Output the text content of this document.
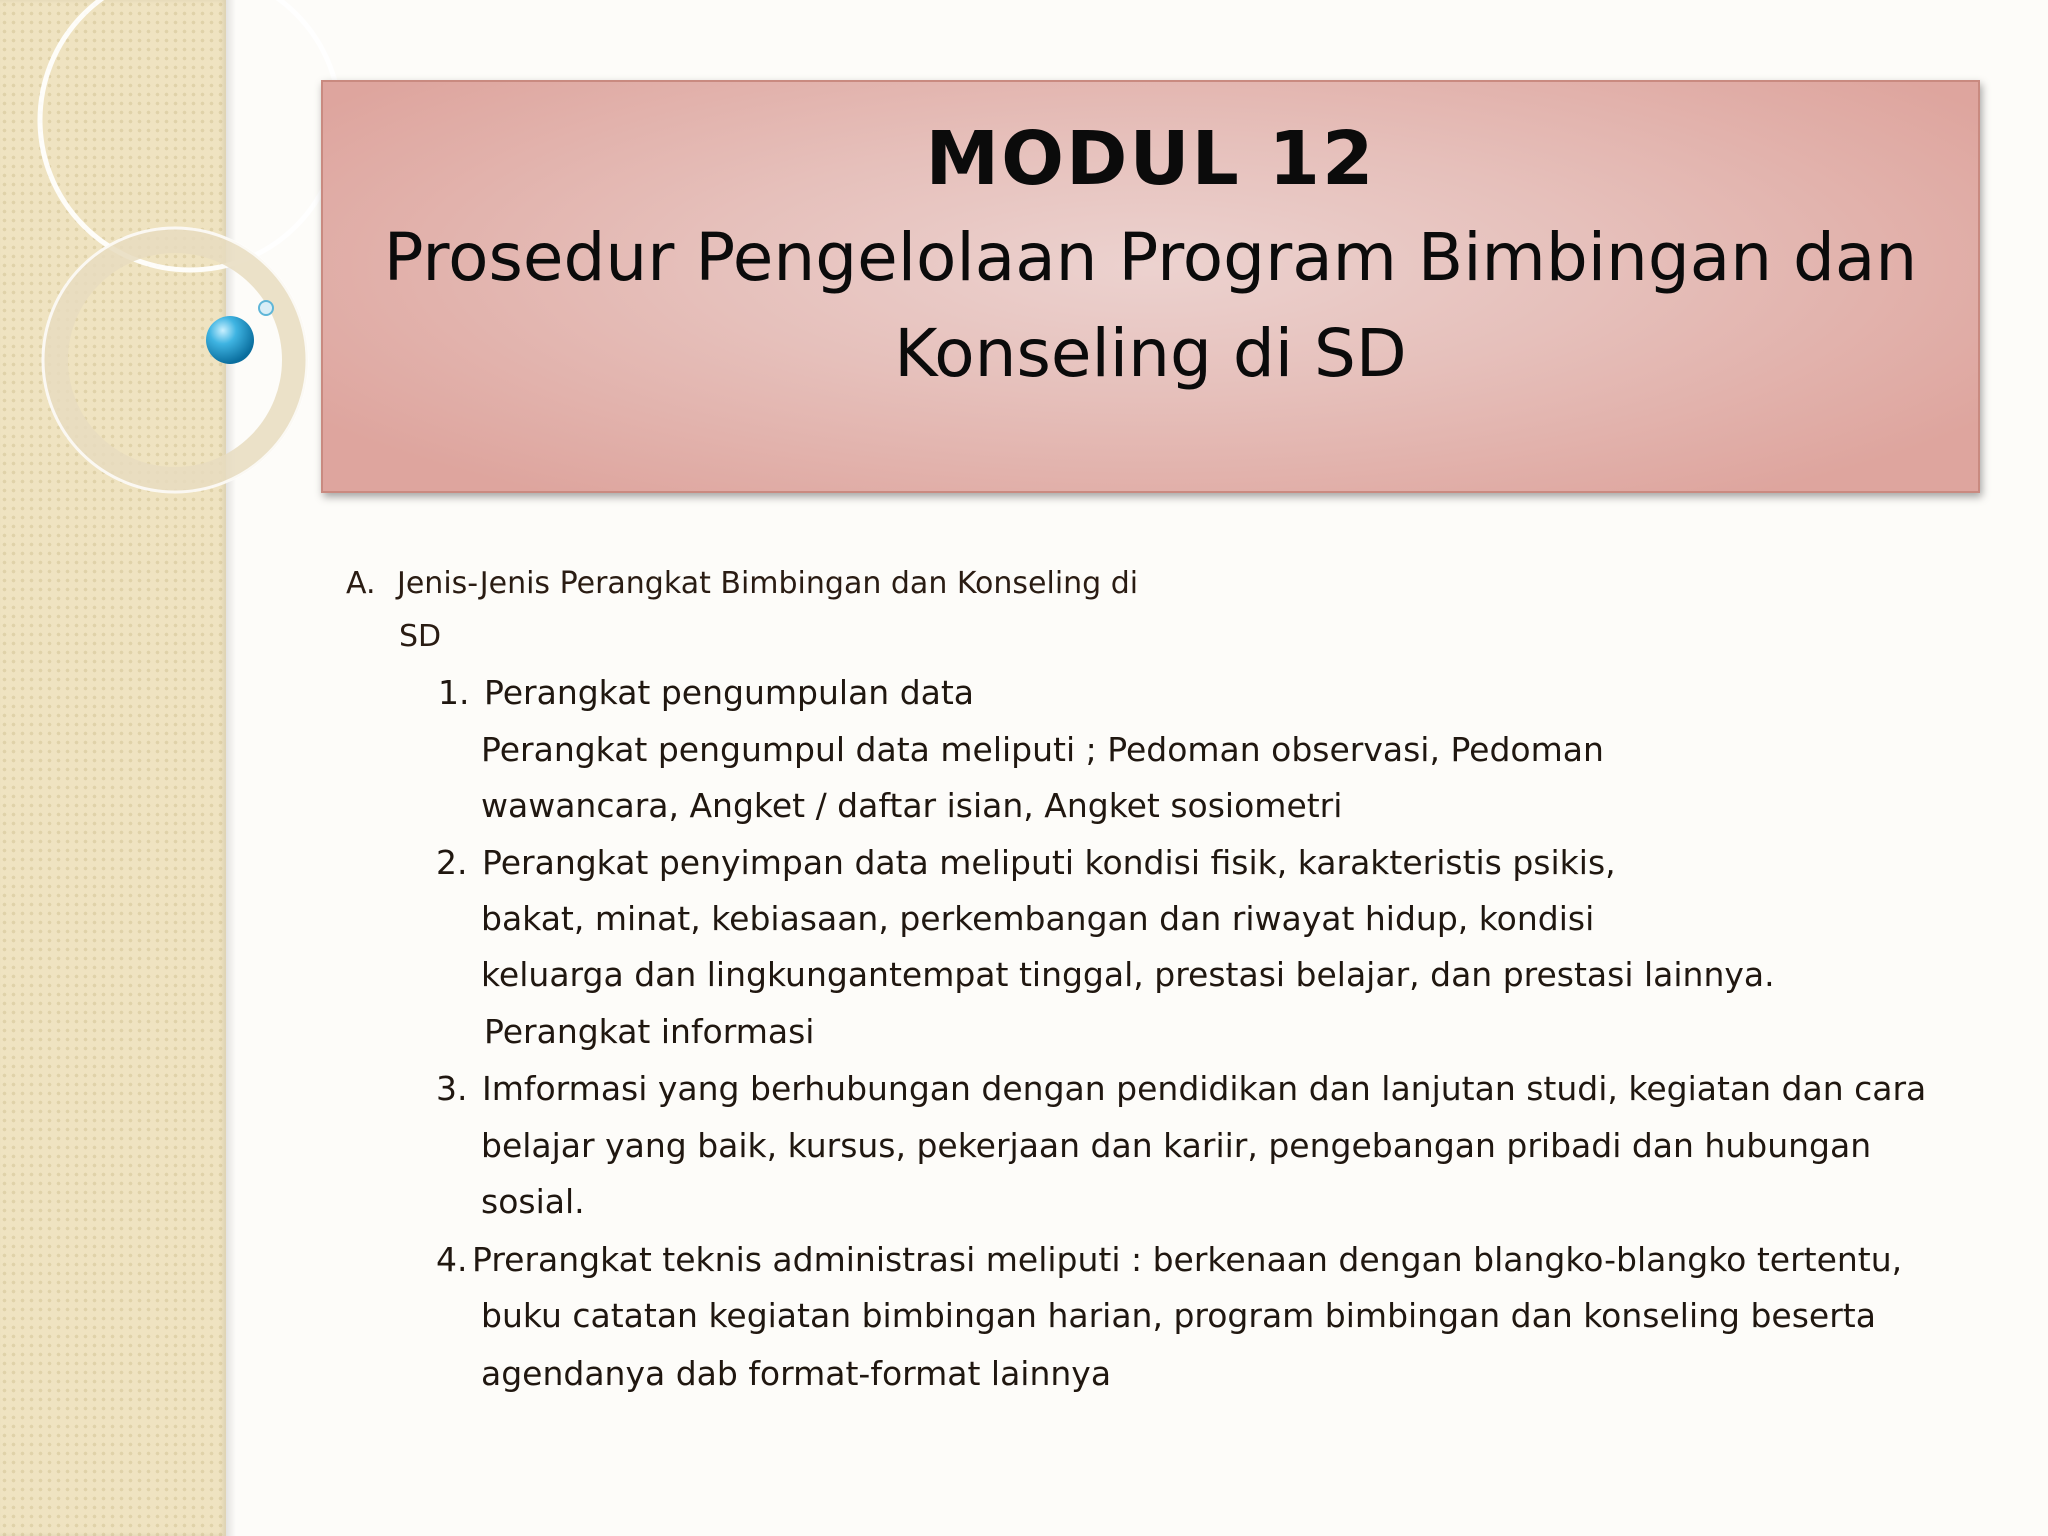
MODUL 12
Prosedur Pengelolaan Program Bimbingan dan
Konseling di SD
A. Jenis-Jenis Perangkat Bimbingan dan Konseling di
SD
1. Perangkat pengumpulan data
Perangkat pengumpul data meliputi ; Pedoman observasi, Pedoman
wawancara, Angket / daftar isian, Angket sosiometri
2. Perangkat penyimpan data meliputi kondisi fisik, karakteristis psikis,
bakat, minat, kebiasaan, perkembangan dan riwayat hidup, kondisi
keluarga dan lingkungantempat tinggal, prestasi belajar, dan prestasi lainnya.
Perangkat informasi
3. Imformasi yang berhubungan dengan pendidikan dan lanjutan studi, kegiatan dan cara
belajar yang baik, kursus, pekerjaan dan kariir, pengebangan pribadi dan hubungan
sosial.
4. Prerangkat teknis administrasi meliputi : berkenaan dengan blangko-blangko tertentu,
buku catatan kegiatan bimbingan harian, program bimbingan dan konseling beserta
agendanya dab format-format lainnya
